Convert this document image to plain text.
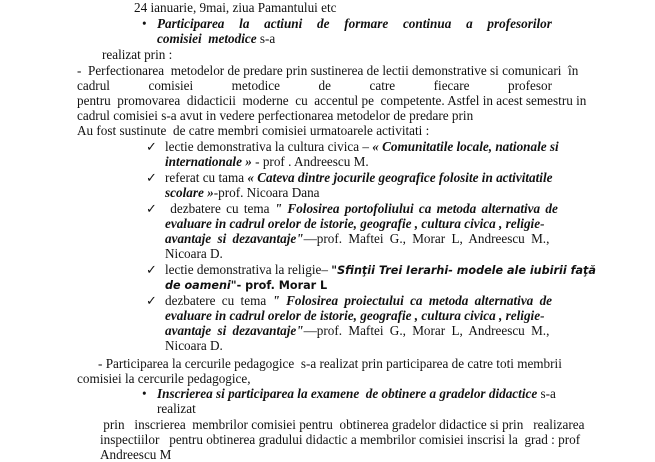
24 ianuarie, 9mai, ziua Pamantului etc
• Participarea la actiuni de formare continua a profesorilor
comisiei  metodice s-a
realizat prin :
-  Perfectionarea  metodelor de predare prin sustinerea de lectii demonstrative si comunicari  în
cadrul	comisiei	metodice	de	catre	fiecare	profesor
pentru  promovarea  didacticii  moderne  cu  accentul pe  competente. Astfel in acest semestru in
cadrul comisiei s-a avut in vedere perfectionarea metodelor de predare prin
Au fost sustinute  de catre membri comisiei urmatoarele activitati :
✓ lectie demonstrativa la cultura civica – « Comunitatile locale, nationale si
internationale » - prof . Andreescu M.
✓ referat cu tama « Cateva dintre jocurile geografice folosite in activitatile
scolare »-prof. Nicoara Dana
✓ dezbatere cu tema " Folosirea portofoliului ca metoda alternativa de
evaluare in cadrul orelor de istorie, geografie , cultura civica , religie-
avantaje si dezavantaje"—prof. Maftei G., Morar L, Andreescu M.,
Nicoara D.
✓ lectie demonstrativa la religie– "Sfinţii Trei Ierarhi- modele ale iubirii faţă
de oameni"- prof. Morar L
✓ dezbatere cu tema " Folosirea proiectului ca metoda alternativa de
evaluare in cadrul orelor de istorie, geografie , cultura civica , religie-
avantaje si dezavantaje"—prof. Maftei G., Morar L, Andreescu M.,
Nicoara D.
- Participarea la cercurile pedagogice  s-a realizat prin participarea de catre toti membrii
comisiei la cercurile pedagogice,
• Inscrierea si participarea la examene  de obtinere a gradelor didactice s-a
realizat
prin   inscrierea  membrilor comisiei pentru  obtinerea gradelor didactice si prin   realizarea
inspectiilor   pentru obtinerea gradului didactic a membrilor comisiei inscrisi la  grad : prof
Andreescu M
